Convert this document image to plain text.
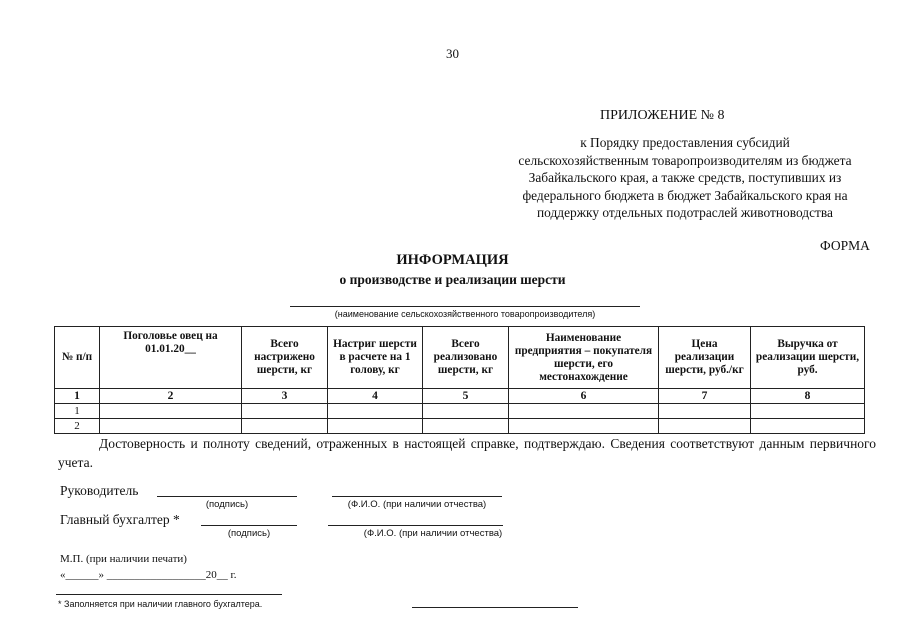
30
ПРИЛОЖЕНИЕ № 8
к Порядку предоставления субсидий
сельскохозяйственным товаропроизводителям из бюджета
Забайкальского края, а также средств, поступивших из
федерального бюджета в бюджет Забайкальского края на
поддержку отдельных подотраслей животноводства
ФОРМА
ИНФОРМАЦИЯ
о производстве и реализации шерсти
(наименование сельскохозяйственного товаропроизводителя)
№ п/п	Поголовье овец на 01.01.20__	Всего настрижено шерсти, кг	Настриг шерсти в расчете на 1 голову, кг	Всего реализовано шерсти, кг	Наименование предприятия – покупателя шерсти, его местонахождение	Цена реализации шерсти, руб./кг	Выручка от реализации шерсти, руб.
1	2	3	4	5	6	7	8
1							
2							
Достоверность и полноту сведений, отраженных в настоящей справке, подтверждаю. Сведения соответствуют данным первичного учета.
Руководитель
(подпись)	(Ф.И.О. (при наличии отчества)
Главный бухгалтер *
(подпись)	(Ф.И.О. (при наличии отчества)
М.П. (при наличии печати)
«______» __________________20__ г.
* Заполняется при наличии главного бухгалтера.
